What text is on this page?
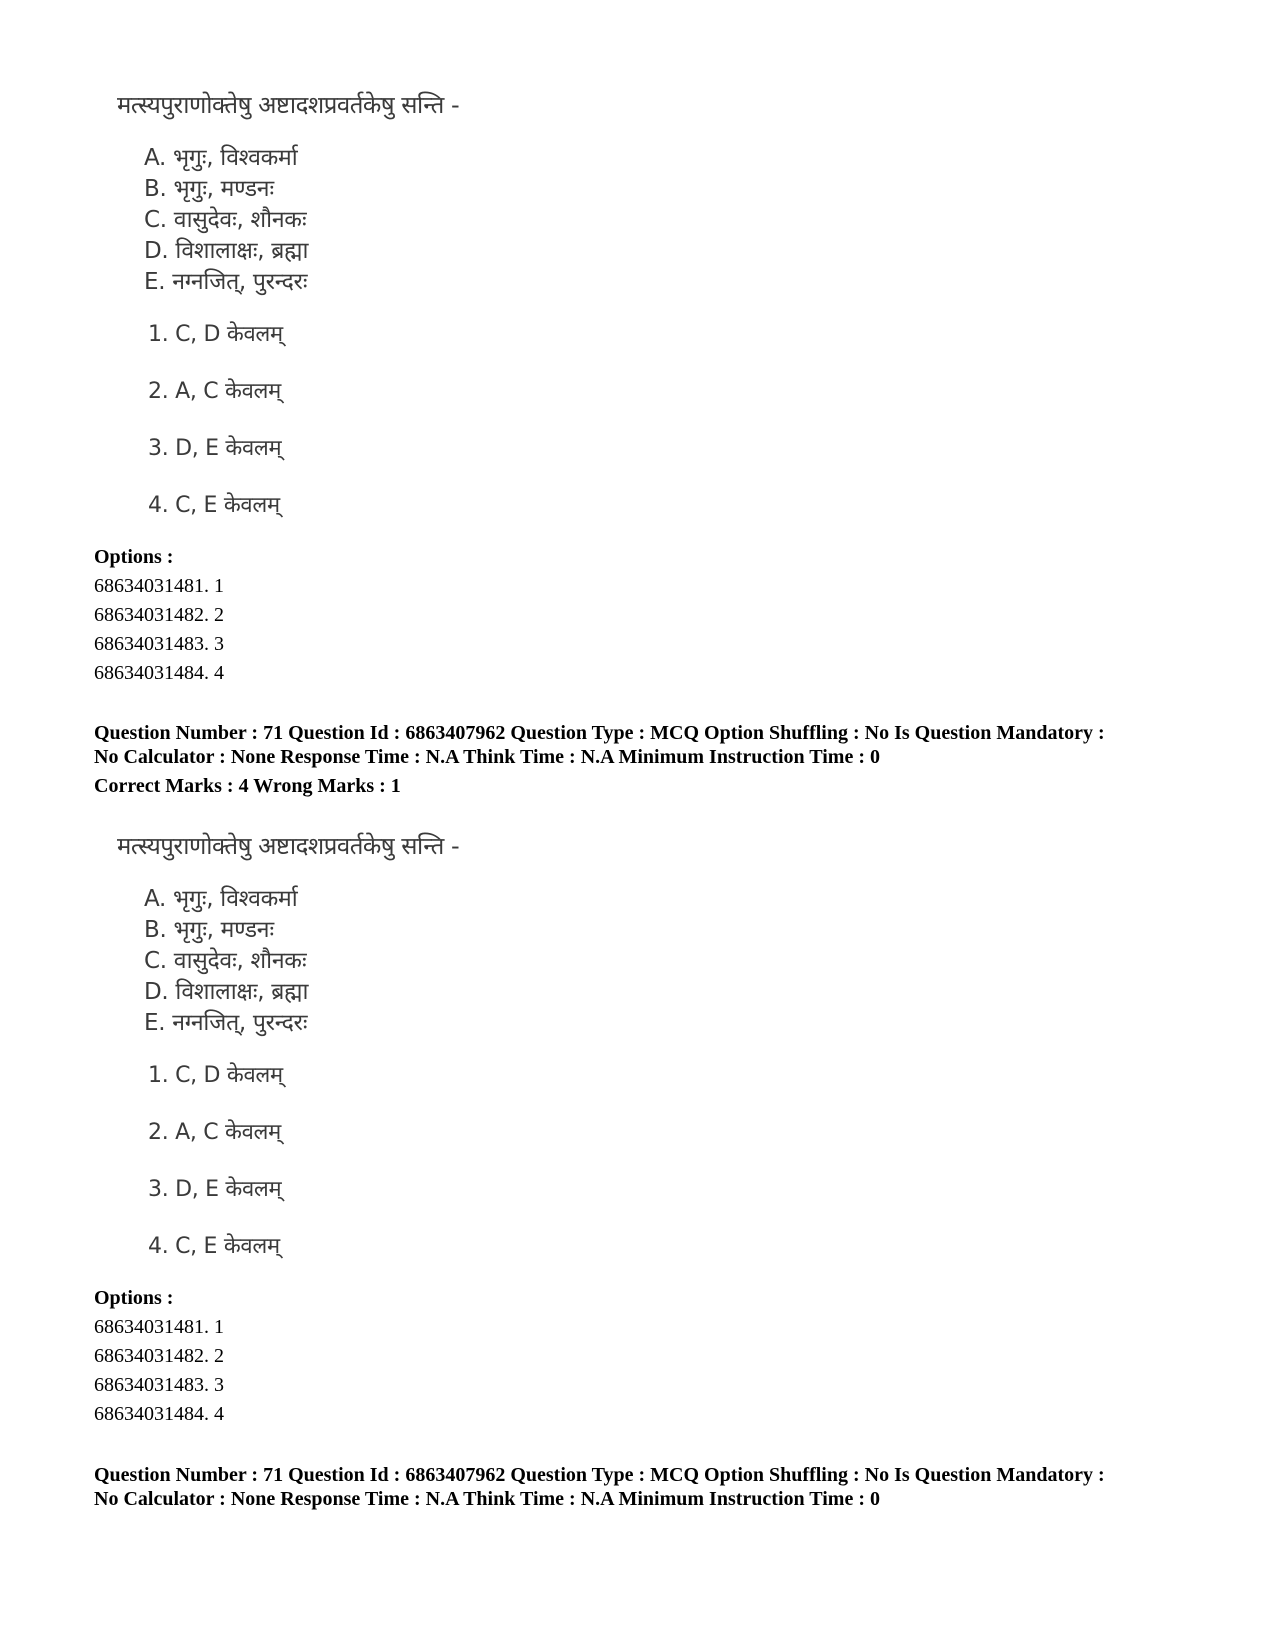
मत्स्यपुराणोक्तेषु अष्टादशप्रवर्तकेषु सन्ति -
A. भृगुः, विश्वकर्मा
B. भृगुः, मण्डनः
C. वासुदेवः, शौनकः
D. विशालाक्षः, ब्रह्मा
E. नग्नजित्, पुरन्दरः
1. C, D केवलम्
2. A, C केवलम्
3. D, E केवलम्
4. C, E केवलम्
Options :
68634031481. 1
68634031482. 2
68634031483. 3
68634031484. 4
Question Number : 71 Question Id : 6863407962 Question Type : MCQ Option Shuffling : No Is Question Mandatory :
No Calculator : None Response Time : N.A Think Time : N.A Minimum Instruction Time : 0
Correct Marks : 4 Wrong Marks : 1
मत्स्यपुराणोक्तेषु अष्टादशप्रवर्तकेषु सन्ति -
A. भृगुः, विश्वकर्मा
B. भृगुः, मण्डनः
C. वासुदेवः, शौनकः
D. विशालाक्षः, ब्रह्मा
E. नग्नजित्, पुरन्दरः
1. C, D केवलम्
2. A, C केवलम्
3. D, E केवलम्
4. C, E केवलम्
Options :
68634031481. 1
68634031482. 2
68634031483. 3
68634031484. 4
Question Number : 71 Question Id : 6863407962 Question Type : MCQ Option Shuffling : No Is Question Mandatory :
No Calculator : None Response Time : N.A Think Time : N.A Minimum Instruction Time : 0
